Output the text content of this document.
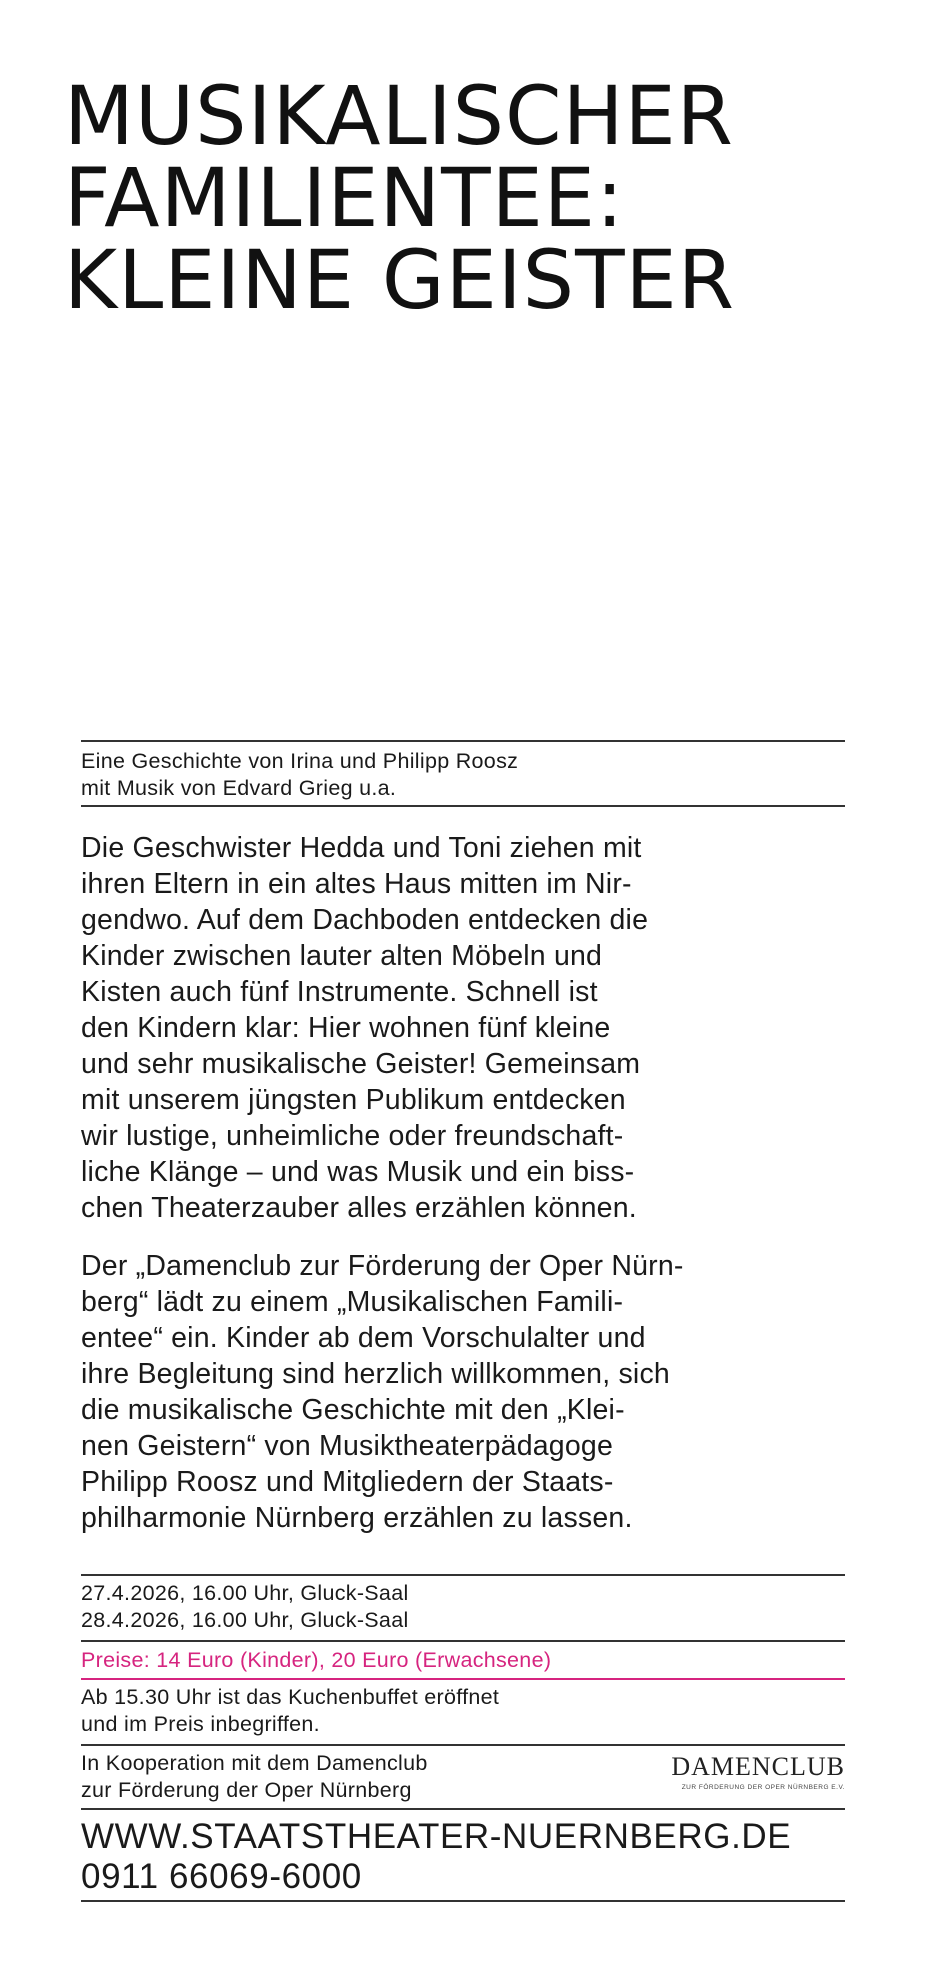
MUSIKALISCHER
FAMILIENTEE:
KLEINE GEISTER
Eine Geschichte von Irina und Philipp Roosz
mit Musik von Edvard Grieg u.a.
Die Geschwister Hedda und Toni ziehen mit
ihren Eltern in ein altes Haus mitten im Nir-
gendwo. Auf dem Dachboden entdecken die
Kinder zwischen lauter alten Möbeln und
Kisten auch fünf Instrumente. Schnell ist
den Kindern klar: Hier wohnen fünf kleine
und sehr musikalische Geister! Gemeinsam
mit unserem jüngsten Publikum entdecken
wir lustige, unheimliche oder freundschaft-
liche Klänge – und was Musik und ein biss-
chen Theaterzauber alles erzählen können.
Der „Damenclub zur Förderung der Oper Nürn-
berg“ lädt zu einem „Musikalischen Famili-
entee“ ein. Kinder ab dem Vorschulalter und
ihre Begleitung sind herzlich willkommen, sich
die musikalische Geschichte mit den „Klei-
nen Geistern“ von Musiktheaterpädagoge
Philipp Roosz und Mitgliedern der Staats-
philharmonie Nürnberg erzählen zu lassen.
27.4.2026, 16.00 Uhr, Gluck-Saal
28.4.2026, 16.00 Uhr, Gluck-Saal
Preise: 14 Euro (Kinder), 20 Euro (Erwachsene)
Ab 15.30 Uhr ist das Kuchenbuffet eröffnet
und im Preis inbegriffen.
In Kooperation mit dem Damenclub
zur Förderung der Oper Nürnberg
DAMENCLUB
ZUR FÖRDERUNG DER OPER NÜRNBERG E.V.
WWW.STAATSTHEATER-NUERNBERG.DE
0911 66069-6000
